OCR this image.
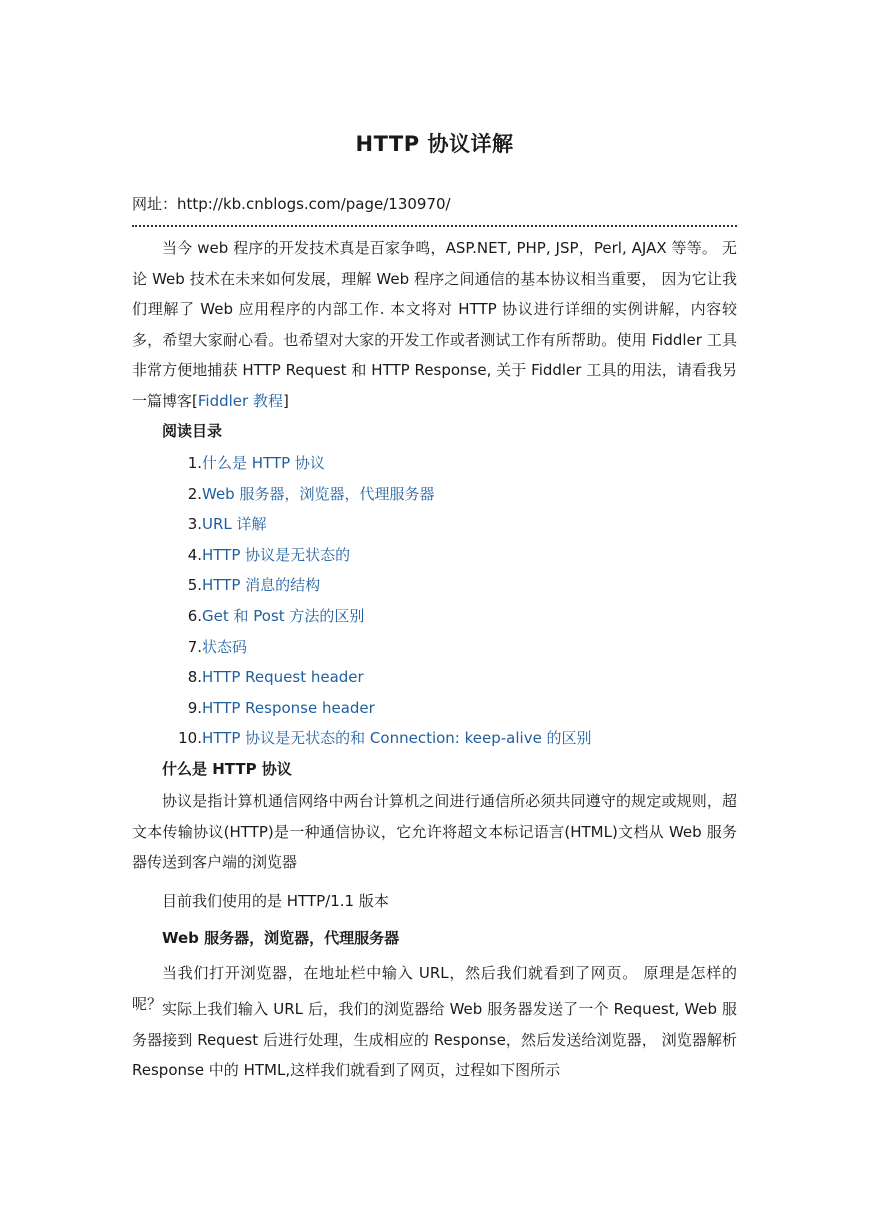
HTTP 协议详解
网址：http://kb.cnblogs.com/page/130970/

当今 web 程序的开发技术真是百家争鸣，ASP.NET, PHP, JSP，Perl, AJAX 等等。 无论 Web 技术在未来如何发展，理解 Web 程序之间通信的基本协议相当重要， 因为它让我们理解了 Web 应用程序的内部工作. 本文将对 HTTP 协议进行详细的实例讲解，内容较多，希望大家耐心看。也希望对大家的开发工作或者测试工作有所帮助。使用 Fiddler 工具非常方便地捕获 HTTP Request 和 HTTP Response, 关于 Fiddler 工具的用法，请看我另一篇博客[Fiddler 教程]

阅读目录

1.什么是 HTTP 协议
2.Web 服务器，浏览器，代理服务器
3.URL 详解
4.HTTP 协议是无状态的
5.HTTP 消息的结构
6.Get 和 Post 方法的区别
7.状态码
8.HTTP Request header
9.HTTP Response header
10.HTTP 协议是无状态的和 Connection: keep-alive 的区别

什么是 HTTP 协议

协议是指计算机通信网络中两台计算机之间进行通信所必须共同遵守的规定或规则，超文本传输协议(HTTP)是一种通信协议，它允许将超文本标记语言(HTML)文档从 Web 服务器传送到客户端的浏览器

目前我们使用的是 HTTP/1.1 版本

Web 服务器，浏览器，代理服务器

当我们打开浏览器，在地址栏中输入 URL，然后我们就看到了网页。 原理是怎样的呢？ 实际上我们输入 URL 后，我们的浏览器给 Web 服务器发送了一个 Request, Web 服务器接到 Request 后进行处理，生成相应的 Response，然后发送给浏览器， 浏览器解析 Response 中的 HTML,这样我们就看到了网页，过程如下图所示
